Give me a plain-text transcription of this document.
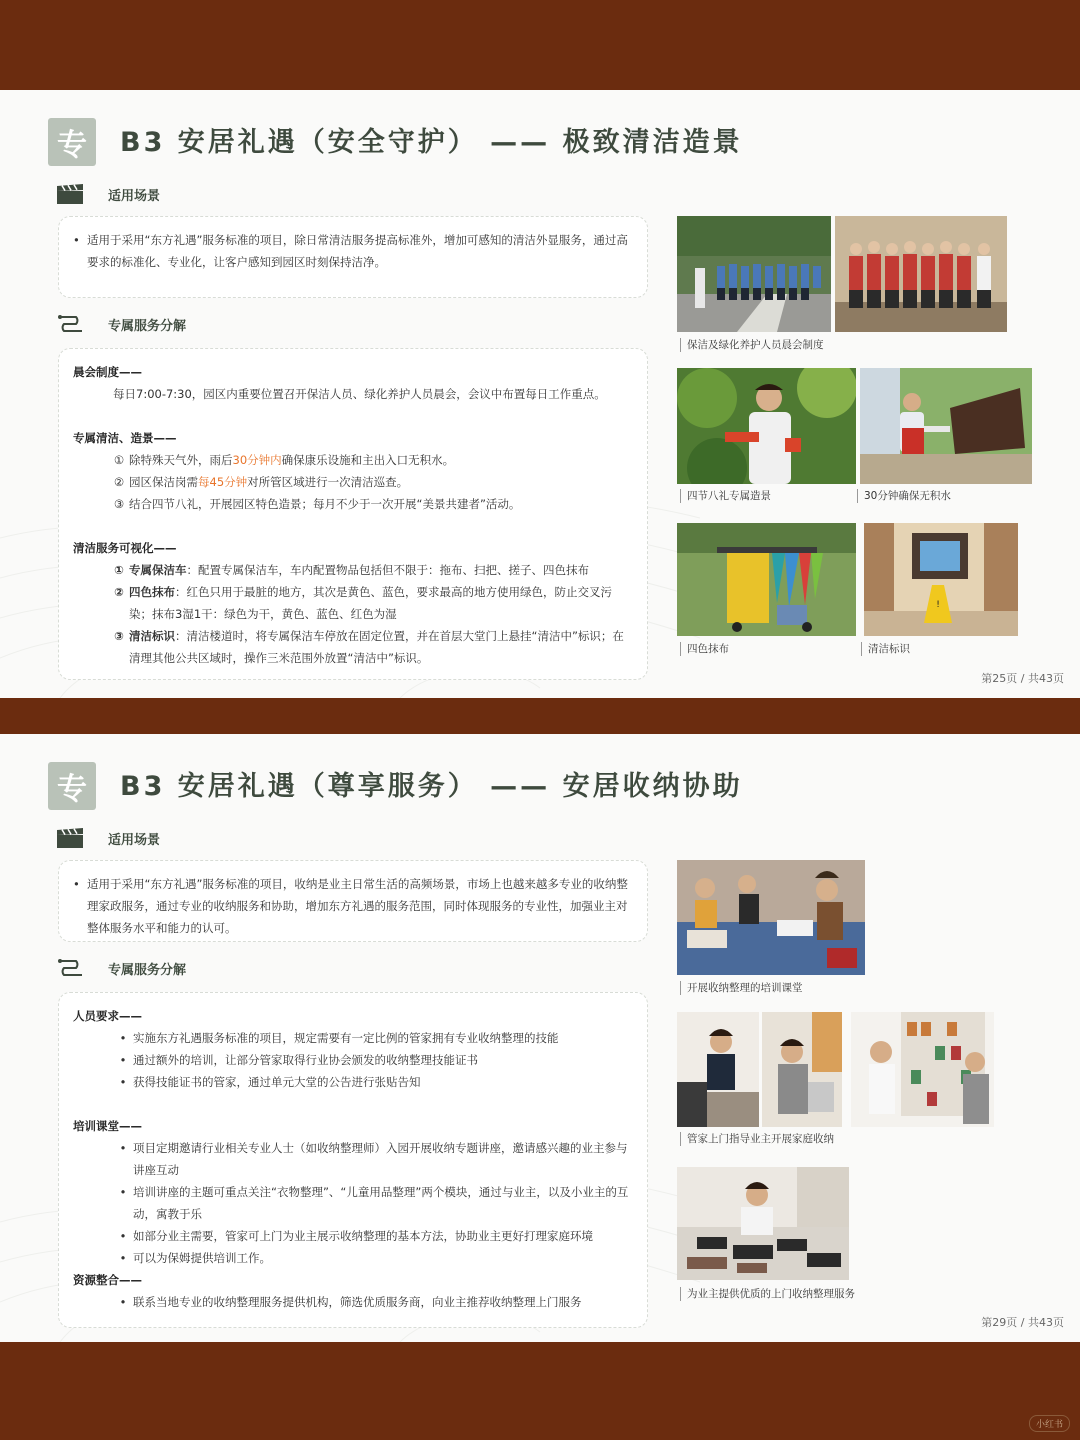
专 B3 安居礼遇（安全守护） —— 极致清洁造景
适用场景
• 适用于采用“东方礼遇”服务标准的项目，除日常清洁服务提高标准外，增加可感知的清洁外显服务，通过高要求的标准化、专业化，让客户感知到园区时刻保持洁净。
专属服务分解
晨会制度——
每日7:00-7:30，园区内重要位置召开保洁人员、绿化养护人员晨会，会议中布置每日工作重点。
专属清洁、造景——
① 除特殊天气外，雨后30分钟内确保康乐设施和主出入口无积水。
② 园区保洁岗需每45分钟对所管区域进行一次清洁巡查。
③ 结合四节八礼，开展园区特色造景；每月不少于一次开展“美景共建者”活动。
清洁服务可视化——
① 专属保洁车：配置专属保洁车，车内配置物品包括但不限于：拖布、扫把、搓子、四色抹布
② 四色抹布：红色只用于最脏的地方，其次是黄色、蓝色，要求最高的地方使用绿色，防止交叉污染；抹布3湿1干：绿色为干，黄色、蓝色、红色为湿
③ 清洁标识：清洁楼道时，将专属保洁车停放在固定位置，并在首层大堂门上悬挂“清洁中”标识；在清理其他公共区域时，操作三米范围外放置“清洁中”标识。
保洁及绿化养护人员晨会制度
四节八礼专属造景	30分钟确保无积水
!
四色抹布	清洁标识
第25页 / 共43页
专 B3 安居礼遇（尊享服务） —— 安居收纳协助
适用场景
• 适用于采用“东方礼遇”服务标准的项目，收纳是业主日常生活的高频场景，市场上也越来越多专业的收纳整理家政服务，通过专业的收纳服务和协助，增加东方礼遇的服务范围，同时体现服务的专业性，加强业主对整体服务水平和能力的认可。
专属服务分解
人员要求——
• 实施东方礼遇服务标准的项目，规定需要有一定比例的管家拥有专业收纳整理的技能
• 通过额外的培训，让部分管家取得行业协会颁发的收纳整理技能证书
• 获得技能证书的管家，通过单元大堂的公告进行张贴告知
培训课堂——
• 项目定期邀请行业相关专业人士（如收纳整理师）入园开展收纳专题讲座，邀请感兴趣的业主参与讲座互动
• 培训讲座的主题可重点关注“衣物整理”、“儿童用品整理”两个模块，通过与业主，以及小业主的互动，寓教于乐
• 如部分业主需要，管家可上门为业主展示收纳整理的基本方法，协助业主更好打理家庭环境
• 可以为保姆提供培训工作。
资源整合——
• 联系当地专业的收纳整理服务提供机构，筛选优质服务商，向业主推荐收纳整理上门服务
开展收纳整理的培训课堂
管家上门指导业主开展家庭收纳
为业主提供优质的上门收纳整理服务
第29页 / 共43页
小红书
